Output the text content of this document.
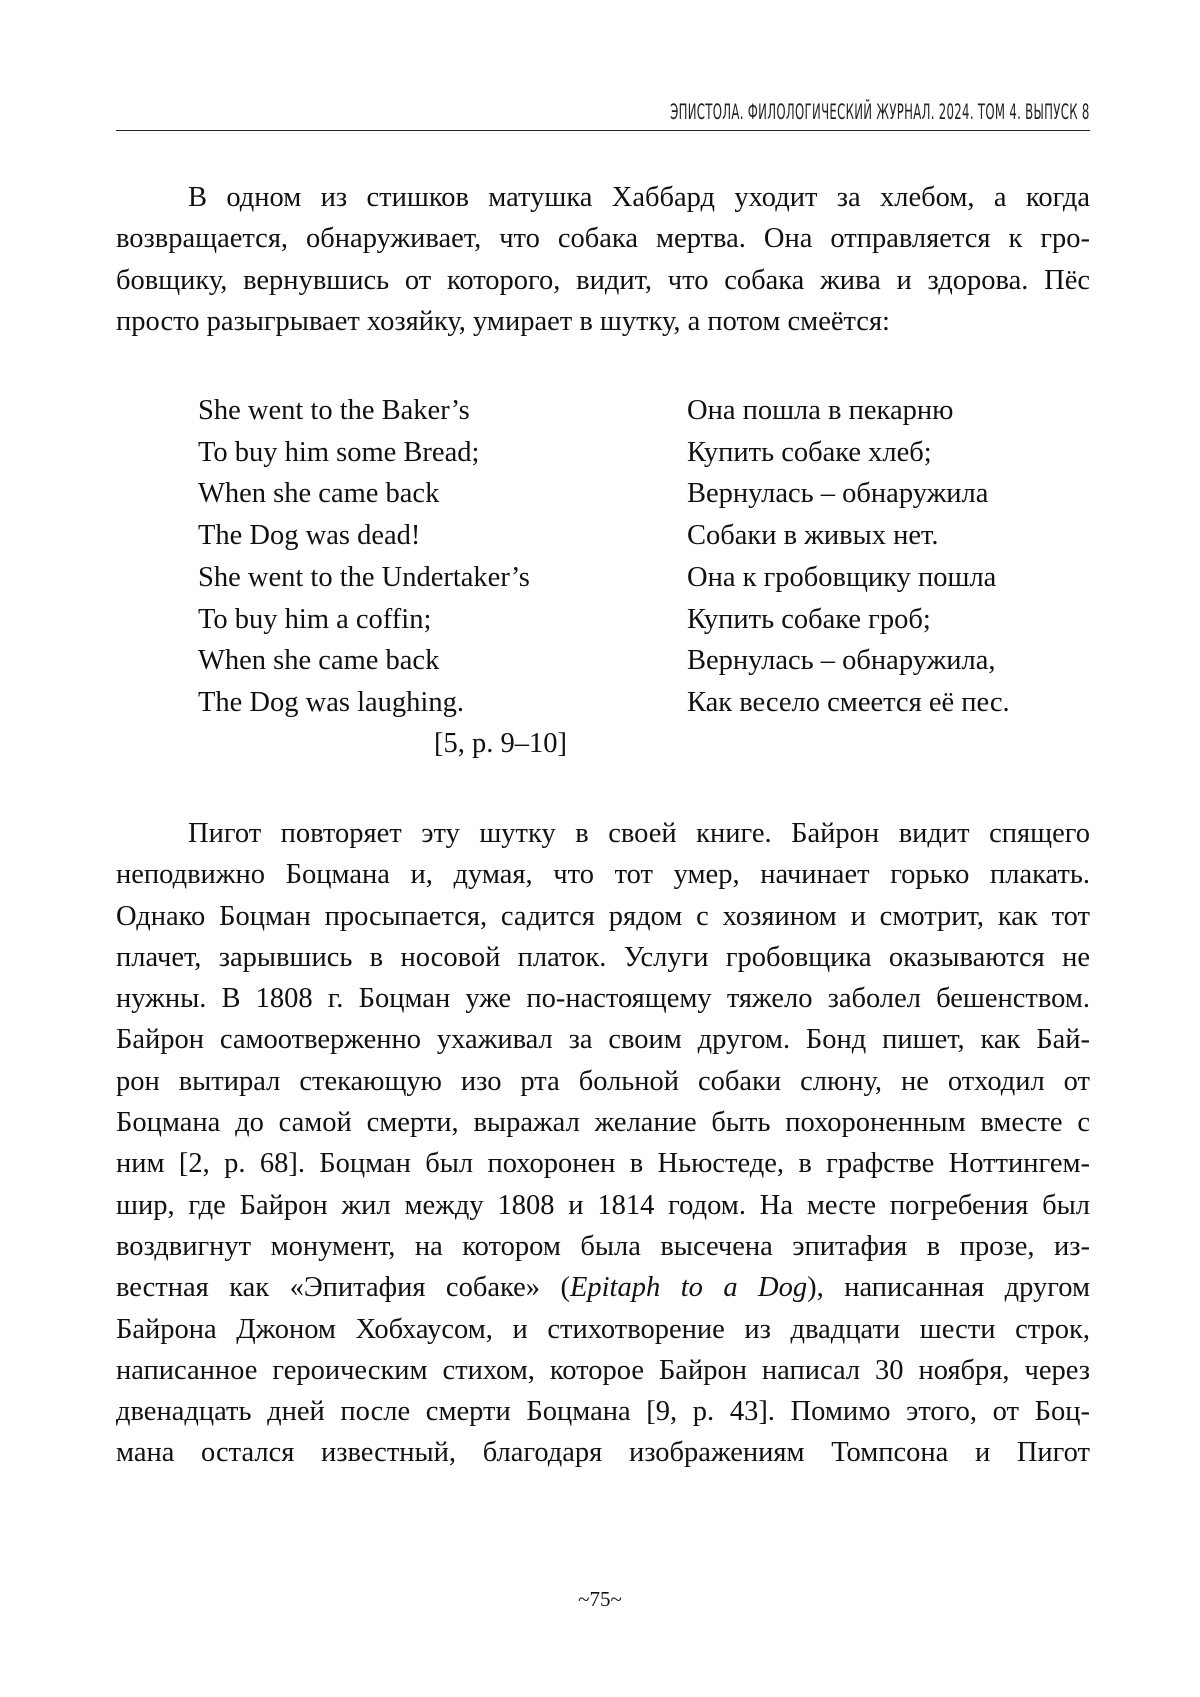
ЭПИСТОЛА. ФИЛОЛОГИЧЕСКИЙ ЖУРНАЛ. 2024. ТОМ 4. ВЫПУСК 8
В одном из стишков матушка Хаббард уходит за хлебом, а когда
возвращается, обнаруживает, что собака мертва. Она отправляется к гро-
бовщику, вернувшись от которого, видит, что собака жива и здорова. Пёс
просто разыгрывает хозяйку, умирает в шутку, а потом смеётся:
She went to the Baker’s
To buy him some Bread;
When she came back
The Dog was dead!
She went to the Undertaker’s
To buy him a coffin;
When she came back
The Dog was laughing.
Она пошла в пекарню
Купить собаке хлеб;
Вернулась – обнаружила
Собаки в живых нет.
Она к гробовщику пошла
Купить собаке гроб;
Вернулась – обнаружила,
Как весело смеется её пес.
[5, p. 9–10]
Пигот повторяет эту шутку в своей книге. Байрон видит спящего
неподвижно Боцмана и, думая, что тот умер, начинает горько плакать.
Однако Боцман просыпается, садится рядом с хозяином и смотрит, как тот
плачет, зарывшись в носовой платок. Услуги гробовщика оказываются не
нужны. В 1808 г. Боцман уже по-настоящему тяжело заболел бешенством.
Байрон самоотверженно ухаживал за своим другом. Бонд пишет, как Бай-
рон вытирал стекающую изо рта больной собаки слюну, не отходил от
Боцмана до самой смерти, выражал желание быть похороненным вместе с
ним [2, p. 68]. Боцман был похоронен в Ньюстеде, в графстве Ноттингем-
шир, где Байрон жил между 1808 и 1814 годом. На месте погребения был
воздвигнут монумент, на котором была высечена эпитафия в прозе, из-
вестная как «Эпитафия собаке» (Epitaph to a Dog), написанная другом
Байрона Джоном Хобхаусом, и стихотворение из двадцати шести строк,
написанное героическим стихом, которое Байрон написал 30 ноября, через
двенадцать дней после смерти Боцмана [9, p. 43]. Помимо этого, от Боц-
мана остался известный, благодаря изображениям Томпсона и Пигот
~75~
